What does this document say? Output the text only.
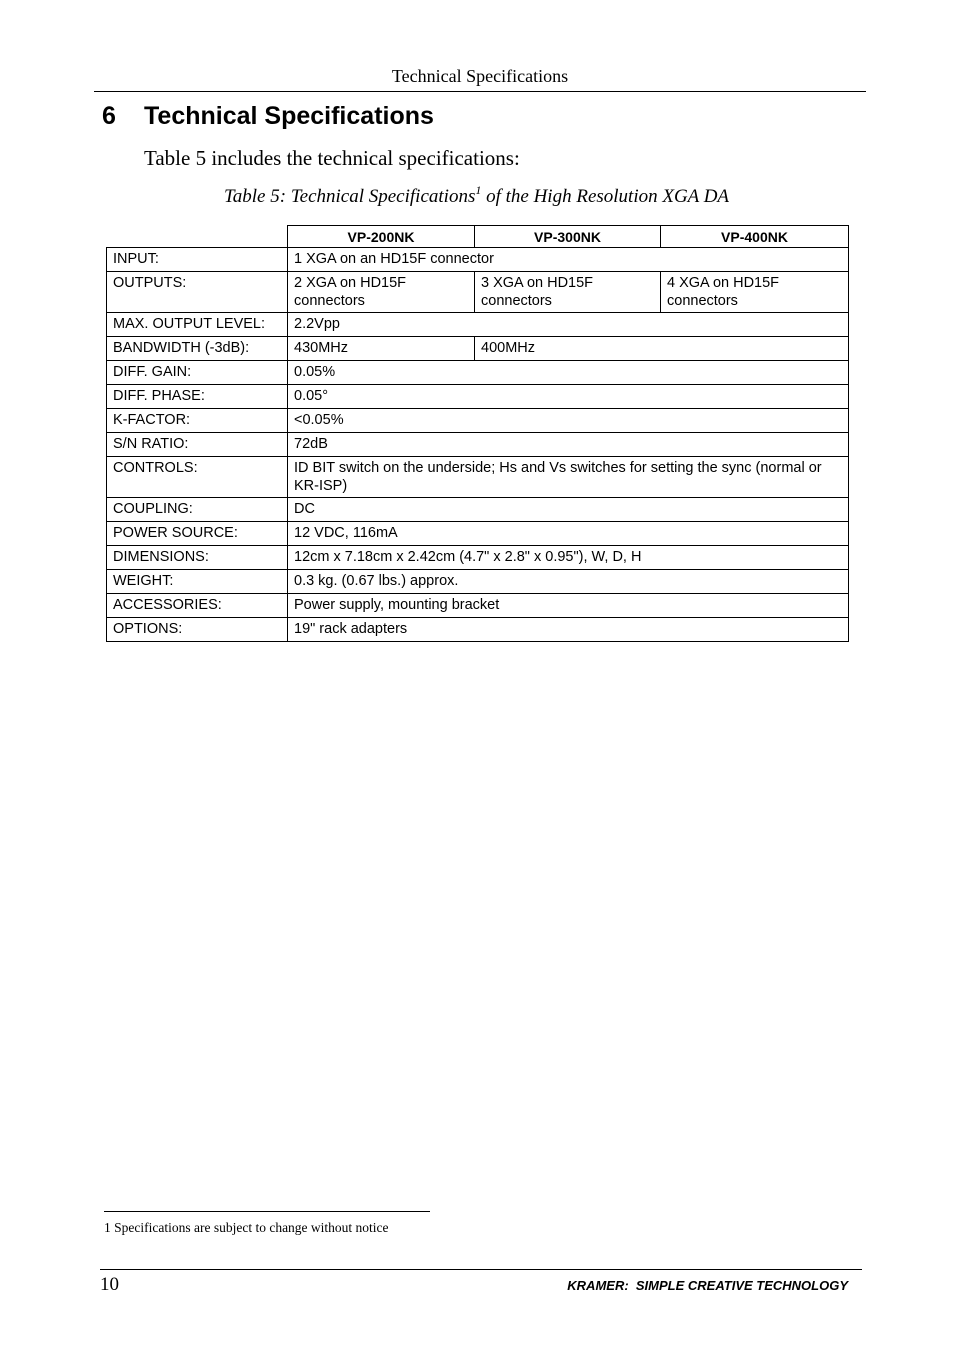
Technical Specifications
6 Technical Specifications

Table 5 includes the technical specifications:

Table 5: Technical Specifications$^1$ of the High Resolution XGA DA

	VP-200NK	VP-300NK	VP-400NK
INPUT:	1 XGA on an HD15F connector		
OUTPUTS:	2 XGA on HD15F connectors	3 XGA on HD15F connectors	4 XGA on HD15F connectors
MAX. OUTPUT LEVEL:	2.2Vpp		
BANDWIDTH (-3dB):	430MHz	400MHz	
DIFF. GAIN:	0.05%		
DIFF. PHASE:	0.05°		
K-FACTOR:	<0.05%		
S/N RATIO:	72dB		
CONTROLS:	ID BIT switch on the underside; Hs and Vs switches for setting the sync (normal or KR-ISP)		
COUPLING:	DC		
POWER SOURCE:	12 VDC, 116mA		
DIMENSIONS:	12cm x 7.18cm x 2.42cm (4.7" x 2.8" x 0.95"), W, D, H		
WEIGHT:	0.3 kg. (0.67 lbs.) approx.		
ACCESSORIES:	Power supply, mounting bracket		
OPTIONS:	19" rack adapters		

1 Specifications are subject to change without notice

10	KRAMER:  SIMPLE CREATIVE TECHNOLOGY
